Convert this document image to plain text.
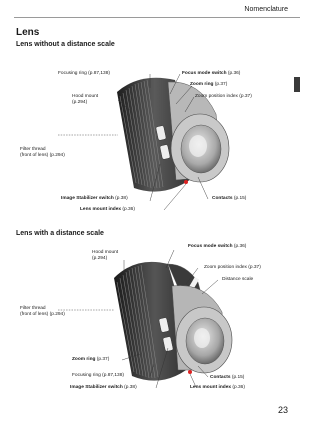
Nomenclature
Lens
Lens without a distance scale
Focusing ring (p.87,138)	Focus mode switch (p.36)
Zoom ring (p.37)
Hood mount
(p.294)
Zoom position index (p.37)
Filter thread
(front of lens) (p.294)
Image Stabilizer switch (p.38)	Contacts (p.15)
Lens mount index (p.36)
Lens with a distance scale
Hood mount
(p.294)
Focus mode switch (p.36)
Zoom position index (p.37)
Distance scale
Filter thread
(front of lens) (p.294)
Zoom ring (p.37)
Focusing ring (p.87,138)	Contacts (p.15)
Image Stabilizer switch (p.38)	Lens mount index (p.36)
23
